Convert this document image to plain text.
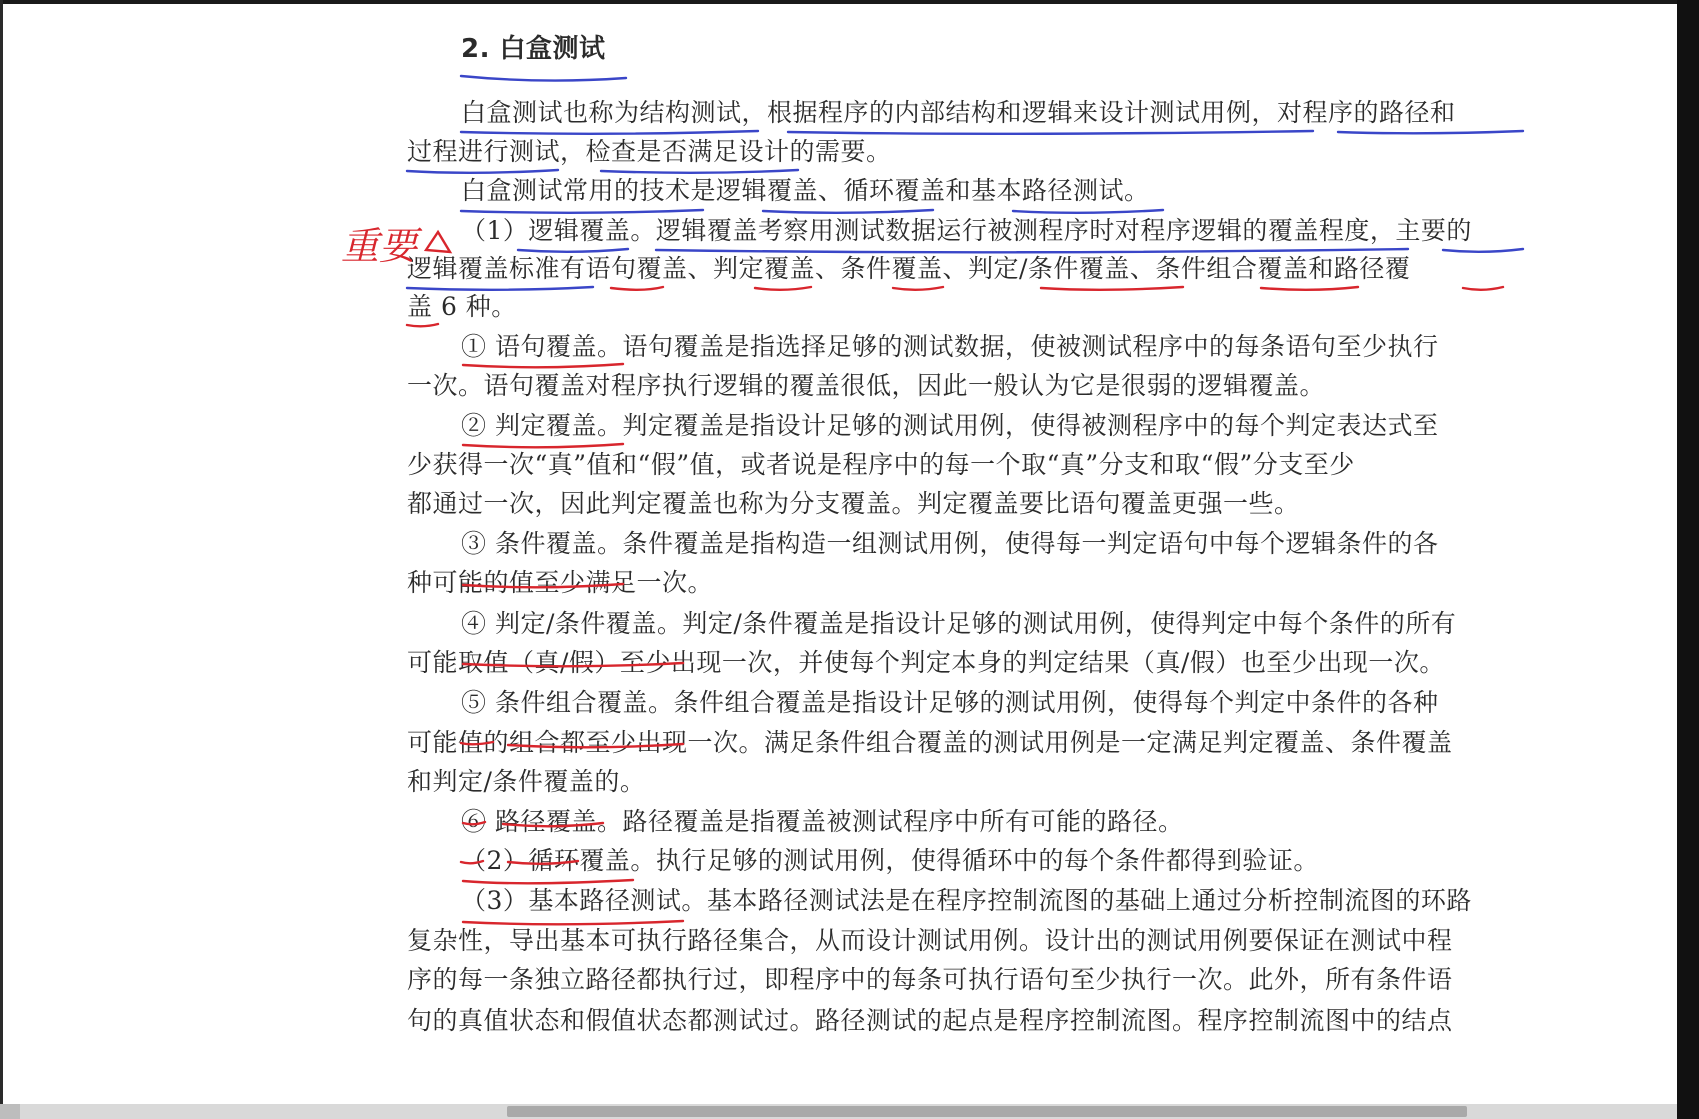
2. 白盒测试
白盒测试也称为结构测试，根据程序的内部结构和逻辑来设计测试用例，对程序的路径和
过程进行测试，检查是否满足设计的需要。
白盒测试常用的技术是逻辑覆盖、循环覆盖和基本路径测试。
（1）逻辑覆盖。逻辑覆盖考察用测试数据运行被测程序时对程序逻辑的覆盖程度，主要的
逻辑覆盖标准有语句覆盖、判定覆盖、条件覆盖、判定/条件覆盖、条件组合覆盖和路径覆
盖 6 种。
① 语句覆盖。语句覆盖是指选择足够的测试数据，使被测试程序中的每条语句至少执行
一次。语句覆盖对程序执行逻辑的覆盖很低，因此一般认为它是很弱的逻辑覆盖。
② 判定覆盖。判定覆盖是指设计足够的测试用例，使得被测程序中的每个判定表达式至
少获得一次“真”值和“假”值，或者说是程序中的每一个取“真”分支和取“假”分支至少
都通过一次，因此判定覆盖也称为分支覆盖。判定覆盖要比语句覆盖更强一些。
③ 条件覆盖。条件覆盖是指构造一组测试用例，使得每一判定语句中每个逻辑条件的各
种可能的值至少满足一次。
④ 判定/条件覆盖。判定/条件覆盖是指设计足够的测试用例，使得判定中每个条件的所有
可能取值（真/假）至少出现一次，并使每个判定本身的判定结果（真/假）也至少出现一次。
⑤ 条件组合覆盖。条件组合覆盖是指设计足够的测试用例，使得每个判定中条件的各种
可能值的组合都至少出现一次。满足条件组合覆盖的测试用例是一定满足判定覆盖、条件覆盖
和判定/条件覆盖的。
⑥ 路径覆盖。路径覆盖是指覆盖被测试程序中所有可能的路径。
（2）循环覆盖。执行足够的测试用例，使得循环中的每个条件都得到验证。
（3）基本路径测试。基本路径测试法是在程序控制流图的基础上通过分析控制流图的环路
复杂性，导出基本可执行路径集合，从而设计测试用例。设计出的测试用例要保证在测试中程
序的每一条独立路径都执行过，即程序中的每条可执行语句至少执行一次。此外，所有条件语
句的真值状态和假值状态都测试过。路径测试的起点是程序控制流图。程序控制流图中的结点
重要
